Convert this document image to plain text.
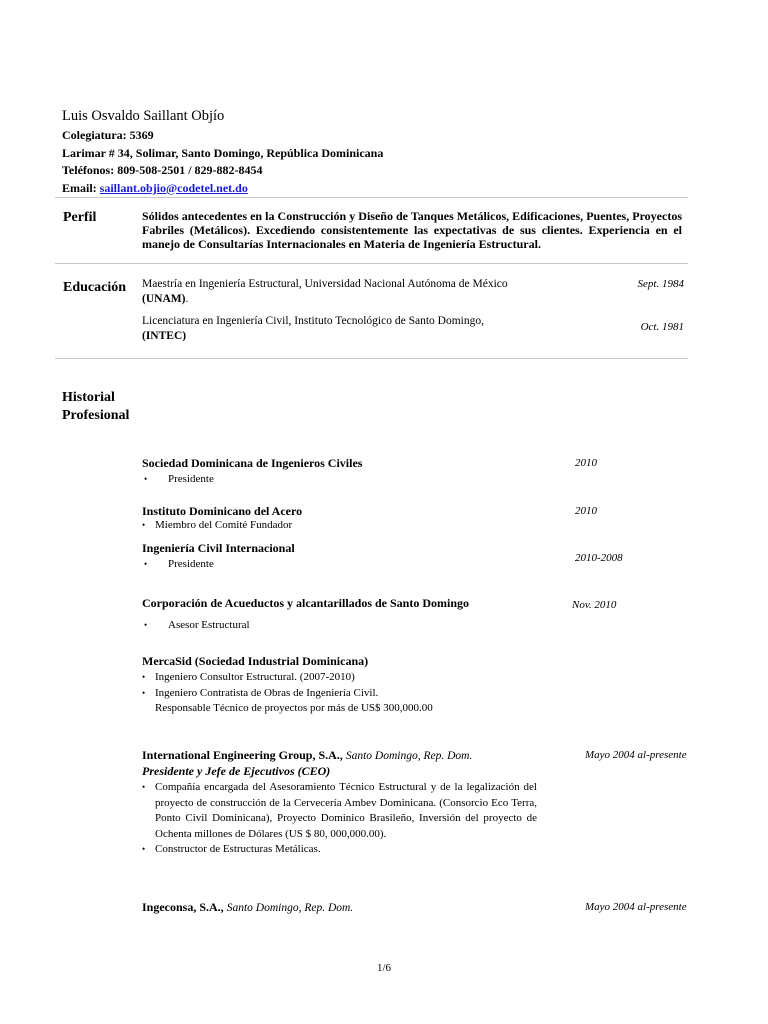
Luis Osvaldo Saillant Objío
Colegiatura: 5369
Larimar # 34, Solimar, Santo Domingo, República Dominicana
Teléfonos: 809-508-2501 / 829-882-8454
Email: saillant.objio@codetel.net.do
Perfil	Sólidos antecedentes en la Construcción y Diseño de Tanques Metálicos, Edificaciones, Puentes, Proyectos Fabriles (Metálicos). Excediendo consistentemente las expectativas de sus clientes. Experiencia en el manejo de Consultarías Internacionales en Materia de Ingeniería Estructural.
Educación Maestría en Ingeniería Estructural, Universidad Nacional Autónoma de México
(UNAM).
Sept. 1984
Licenciatura en Ingeniería Civil, Instituto Tecnológico de Santo Domingo,
(INTEC)
Oct. 1981
Historial
Profesional
Sociedad Dominicana de Ingenieros Civiles	2010
• Presidente
Instituto Dominicano del Acero	2010
• Miembro del Comité Fundador
Ingeniería Civil Internacional
2010-2008
• Presidente
Corporación de Acueductos y alcantarillados de Santo Domingo	Nov. 2010
• Asesor Estructural
MercaSid (Sociedad Industrial Dominicana)
• Ingeniero Consultor Estructural. (2007-2010)
• Ingeniero Contratista de Obras de Ingeniería Civil.
Responsable Técnico de proyectos por más de US$ 300,000.00
International Engineering Group, S.A., Santo Domingo, Rep. Dom.	Mayo 2004 al-presente
Presidente y Jefe de Ejecutivos (CEO)
• Compañía encargada del Asesoramiento Técnico Estructural y de la legalización del proyecto de construcción de la Cervecería Ambev Dominicana. (Consorcio Eco Terra, Ponto Civil Dominicana), Proyecto Dominico Brasileño, Inversión del proyecto de Ochenta millones de Dólares (US $ 80, 000,000.00).
• Constructor de Estructuras Metálicas.
Ingeconsa, S.A., Santo Domingo, Rep. Dom.	Mayo 2004 al-presente
1/6
